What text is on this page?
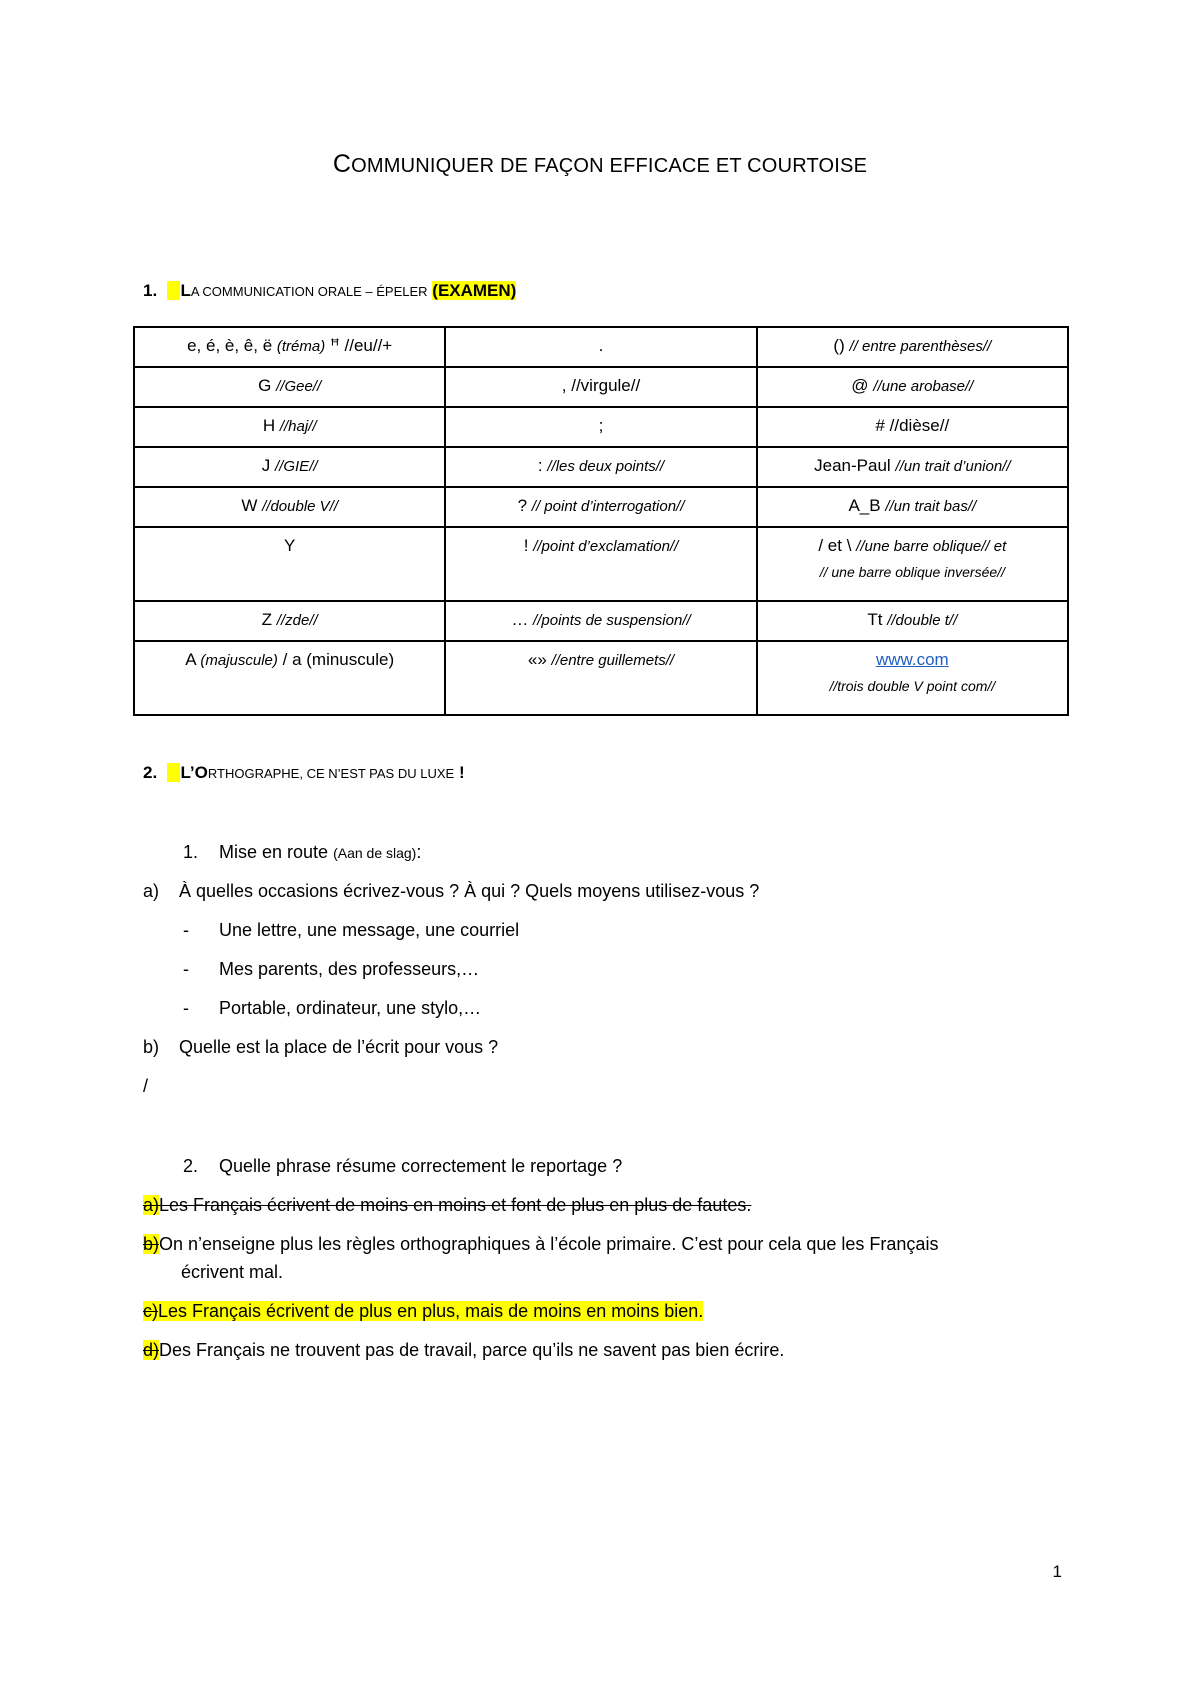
COMMUNIQUER DE FAÇON EFFICACE ET COURTOISE
1. LA COMMUNICATION ORALE – ÉPELER (EXAMEN)
e, é, è, ê, ë (tréma) ꟸ //eu//+	.	() // entre parenthèses//
G //Gee//	, //virgule//	@ //une arobase//
H //haj//	;	# //dièse//
J //GIE//	: //les deux points//	Jean-Paul //un trait d’union//
W //double V//	? // point d’interrogation//	A_B //un trait bas//
Y	! //point d’exclamation//	/ et \ //une barre oblique// et
// une barre oblique inversée//

Z //zde//	… //points de suspension//	Tt //double t//
A (majuscule) / a (minuscule)	«» //entre guillemets//	www.com
//trois double V point com//
2. L’ORTHOGRAPHE, CE N’EST PAS DU LUXE !
1. Mise en route (Aan de slag):
a) À quelles occasions écrivez-vous ? À qui ? Quels moyens utilisez-vous ?
- Une lettre, une message, une courriel
- Mes parents, des professeurs,…
- Portable, ordinateur, une stylo,…
b) Quelle est la place de l’écrit pour vous ?
/
2. Quelle phrase résume correctement le reportage ?
a)Les Français écrivent de moins en moins et font de plus en plus de fautes.
b)On n’enseigne plus les règles orthographiques à l’école primaire. C’est pour cela que les Français
écrivent mal.
c)Les Français écrivent de plus en plus, mais de moins en moins bien.
d)Des Français ne trouvent pas de travail, parce qu’ils ne savent pas bien écrire.
1
